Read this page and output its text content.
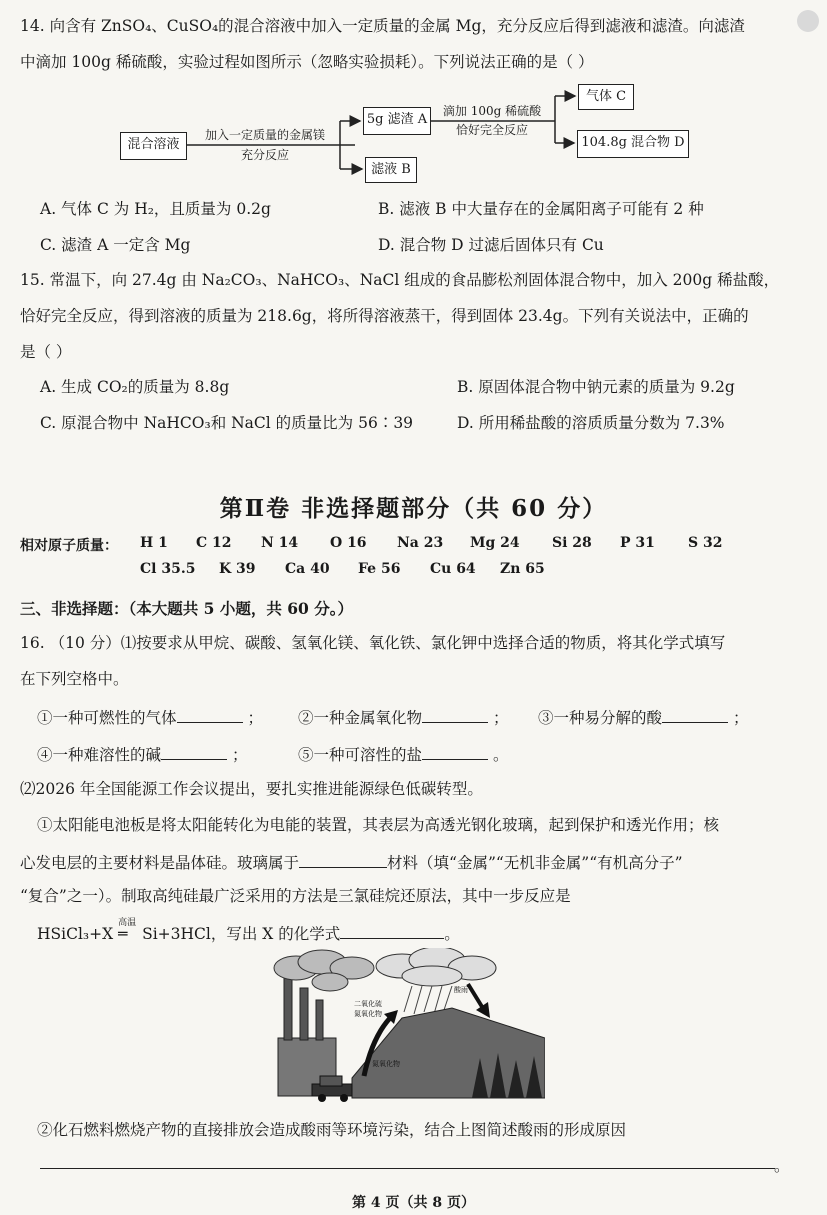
14. 向含有 ZnSO₄、CuSO₄的混合溶液中加入一定质量的金属 Mg，充分反应后得到滤液和滤渣。向滤渣
中滴加 100g 稀硫酸，实验过程如图所示（忽略实验损耗）。下列说法正确的是（ ）
混合溶液
加入一定质量的金属镁
充分反应
5g 滤渣 A
滤液 B
滴加 100g 稀硫酸
恰好完全反应
气体 C
104.8g 混合物 D
A. 气体 C 为 H₂，且质量为 0.2g	B. 滤液 B 中大量存在的金属阳离子可能有 2 种
C. 滤渣 A 一定含 Mg	D. 混合物 D 过滤后固体只有 Cu
15. 常温下，向 27.4g 由 Na₂CO₃、NaHCO₃、NaCl 组成的食品膨松剂固体混合物中，加入 200g 稀盐酸，
恰好完全反应，得到溶液的质量为 218.6g，将所得溶液蒸干，得到固体 23.4g。下列有关说法中，正确的
是（ ）
A. 生成 CO₂的质量为 8.8g	B. 原固体混合物中钠元素的质量为 9.2g
C. 原混合物中 NaHCO₃和 NaCl 的质量比为 56∶39	D. 所用稀盐酸的溶质质量分数为 7.3%
第Ⅱ卷 非选择题部分（共 60 分）
相对原子质量： H 1 C 12 N 14 O 16 Na 23 Mg 24 Si 28 P 31 S 32
Cl 35.5 K 39 Ca 40 Fe 56 Cu 64 Zn 65
三、非选择题：（本大题共 5 小题，共 60 分。）
16. （10 分）⑴按要求从甲烷、碳酸、氢氧化镁、氧化铁、氯化钾中选择合适的物质，将其化学式填写
在下列空格中。
①一种可燃性的气体	； ②一种金属氧化物	； ③一种易分解的酸	；
④一种难溶性的碱	；	⑤一种可溶性的盐	。
⑵2026 年全国能源工作会议提出，要扎实推进能源绿色低碳转型。
①太阳能电池板是将太阳能转化为电能的装置，其表层为高透光钢化玻璃，起到保护和透光作用；核
心发电层的主要材料是晶体硅。玻璃属于	材料（填“金属”“无机非金属”“有机高分子”
“复合”之一）。制取高纯硅最广泛采用的方法是三氯硅烷还原法，其中一步反应是
HSiCl₃+X
高温
═Si+3HCl，写出 X 的化学式	。
二氧化硫
氮氧化物
氮氧化物
酸雨
②化石燃料燃烧产物的直接排放会造成酸雨等环境污染，结合上图简述酸雨的形成原因
。
第 4 页（共 8 页）
